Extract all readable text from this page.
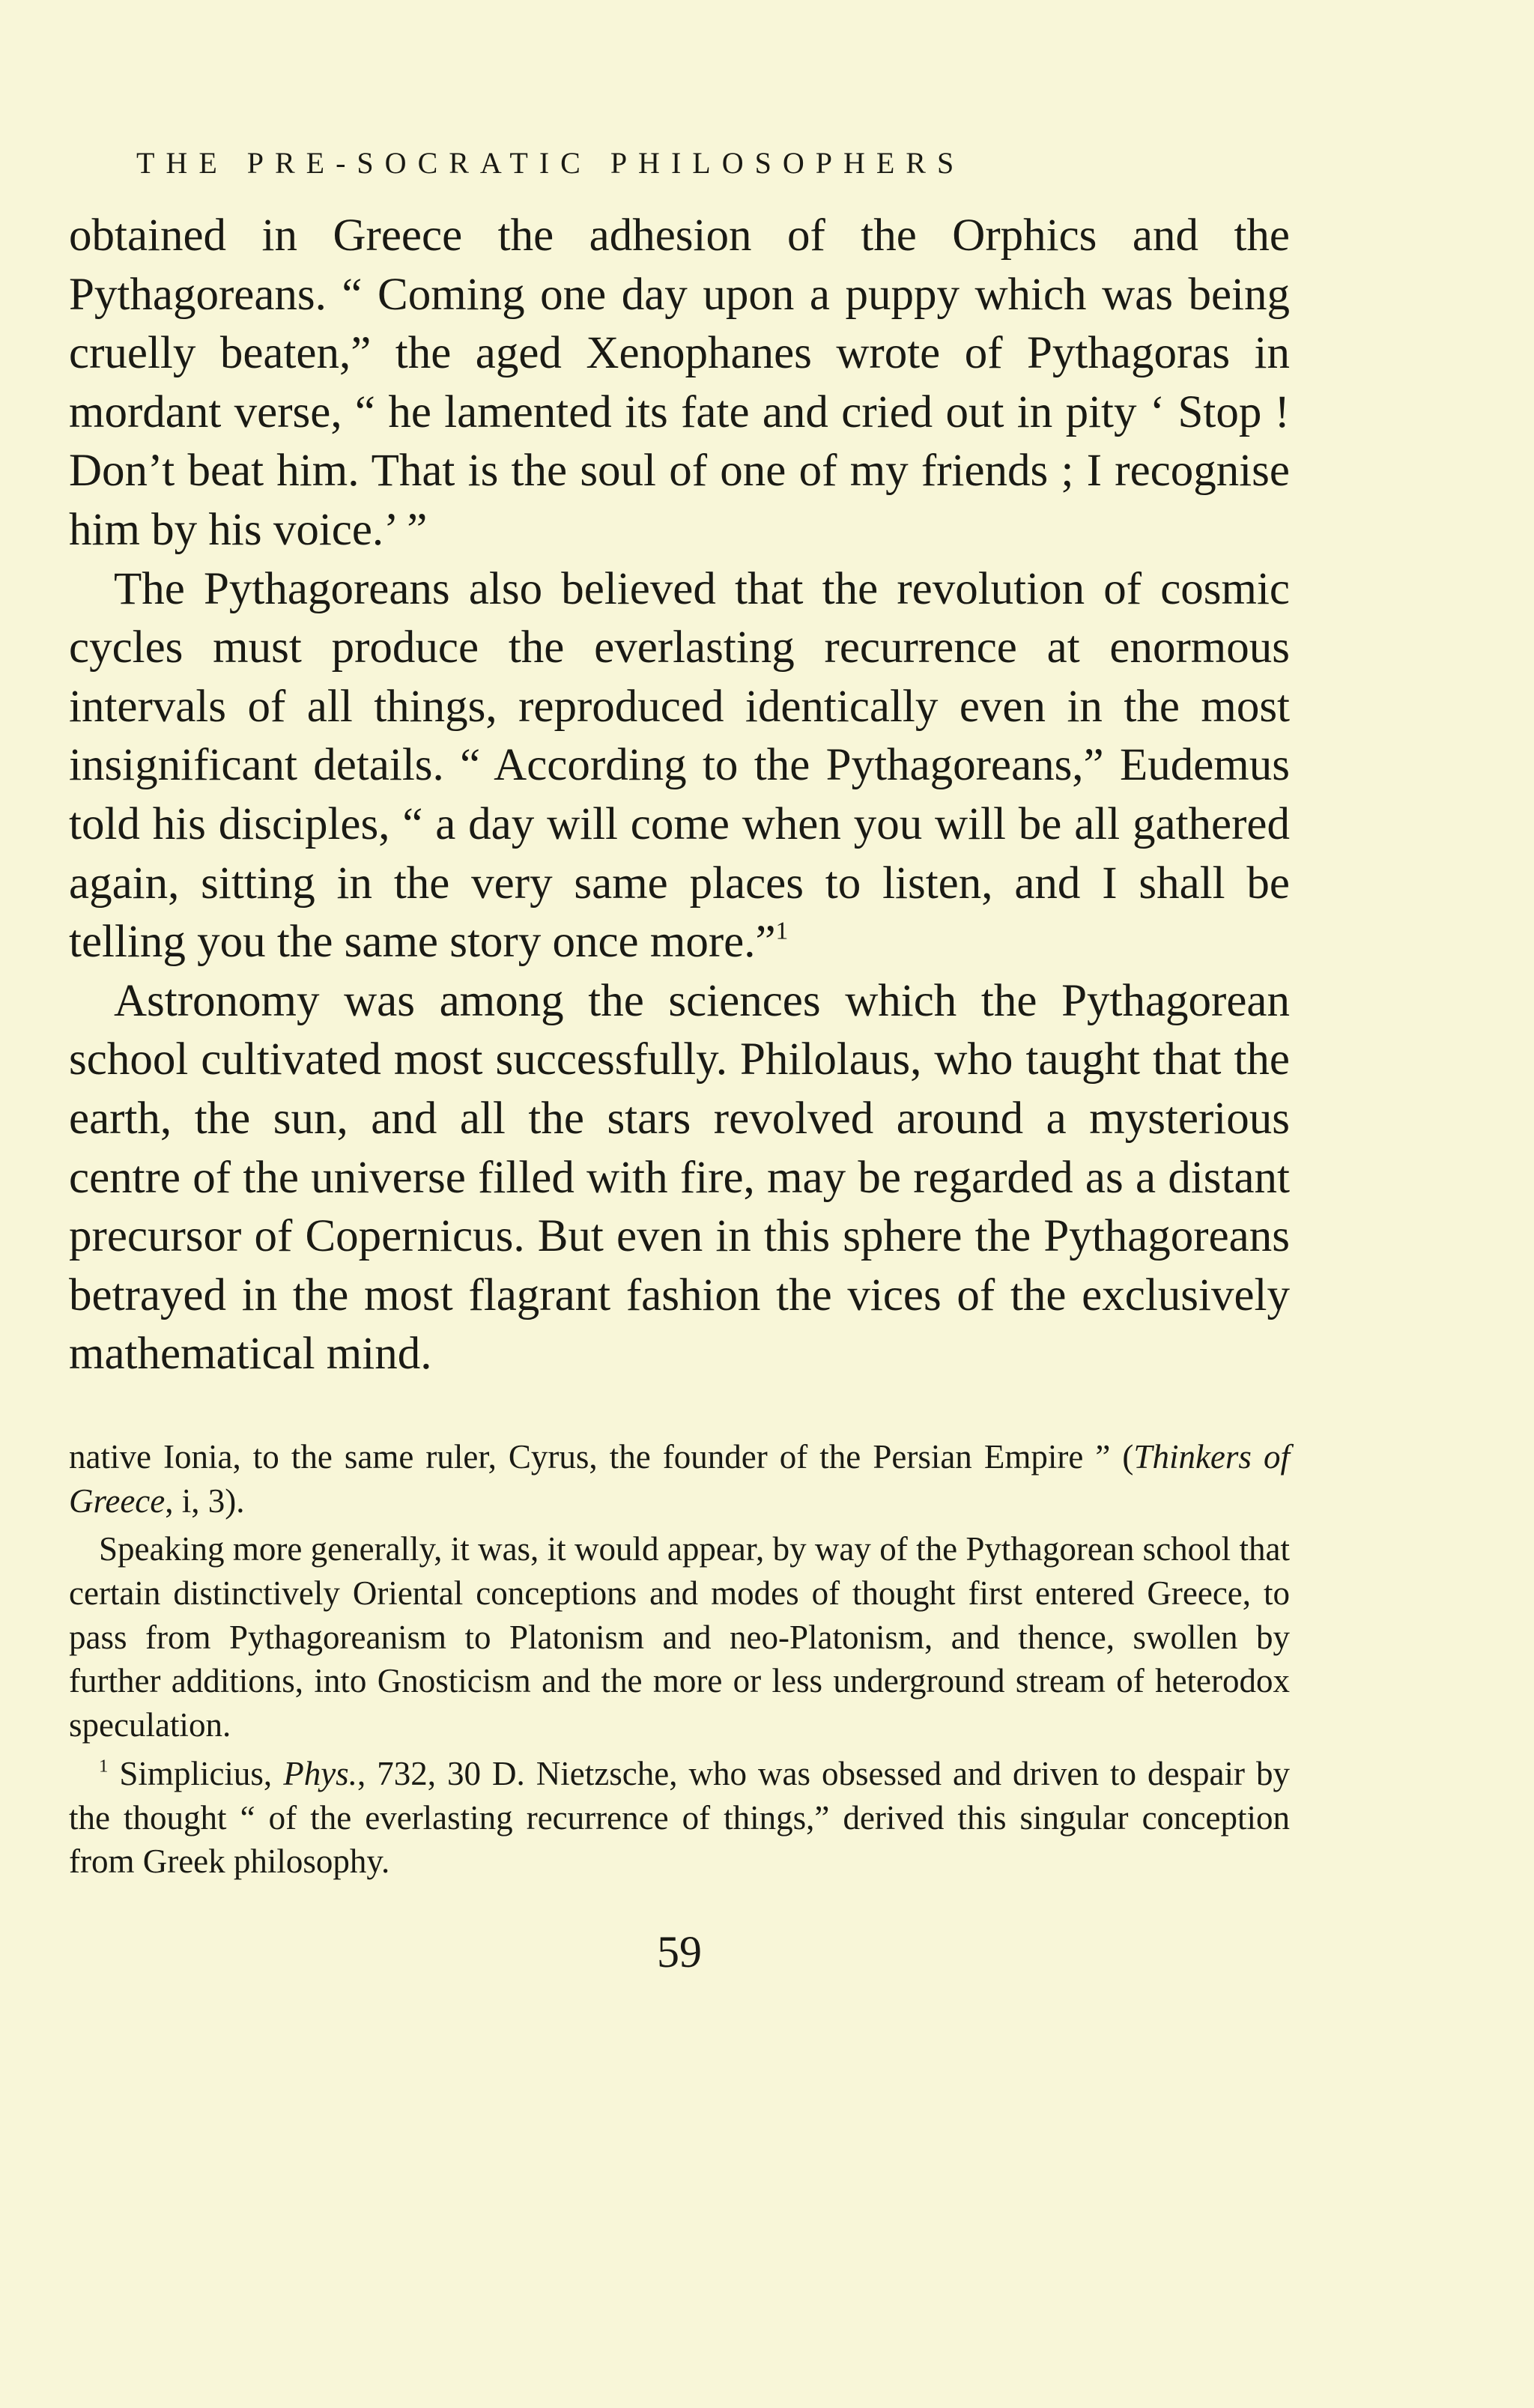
THE PRE-SOCRATIC PHILOSOPHERS

obtained in Greece the adhesion of the Orphics and the Pythagoreans. “ Coming one day upon a puppy which was being cruelly beaten,” the aged Xenophanes wrote of Pythagoras in mordant verse, “ he lamented its fate and cried out in pity ‘ Stop ! Don’t beat him. That is the soul of one of my friends ; I recognise him by his voice.’ ”

The Pythagoreans also believed that the revolution of cosmic cycles must produce the everlasting recurrence at enormous intervals of all things, reproduced identically even in the most insignificant details. “ According to the Pythagoreans,” Eudemus told his disciples, “ a day will come when you will be all gathered again, sitting in the very same places to listen, and I shall be telling you the same story once more.”$^1$

Astronomy was among the sciences which the Pythagorean school cultivated most successfully. Philolaus, who taught that the earth, the sun, and all the stars revolved around a mysterious centre of the universe filled with fire, may be regarded as a distant precursor of Copernicus. But even in this sphere the Pythagoreans betrayed in the most flagrant fashion the vices of the exclusively mathematical mind.

native Ionia, to the same ruler, Cyrus, the founder of the Persian Empire ” (Thinkers of Greece, i, 3).

Speaking more generally, it was, it would appear, by way of the Pythagorean school that certain distinctively Oriental conceptions and modes of thought first entered Greece, to pass from Pythagoreanism to Platonism and neo-Platonism, and thence, swollen by further additions, into Gnosticism and the more or less underground stream of heterodox speculation.

$^1$ Simplicius, Phys., 732, 30 D. Nietzsche, who was obsessed and driven to despair by the thought “ of the everlasting recurrence of things,” derived this singular conception from Greek philosophy.

59
